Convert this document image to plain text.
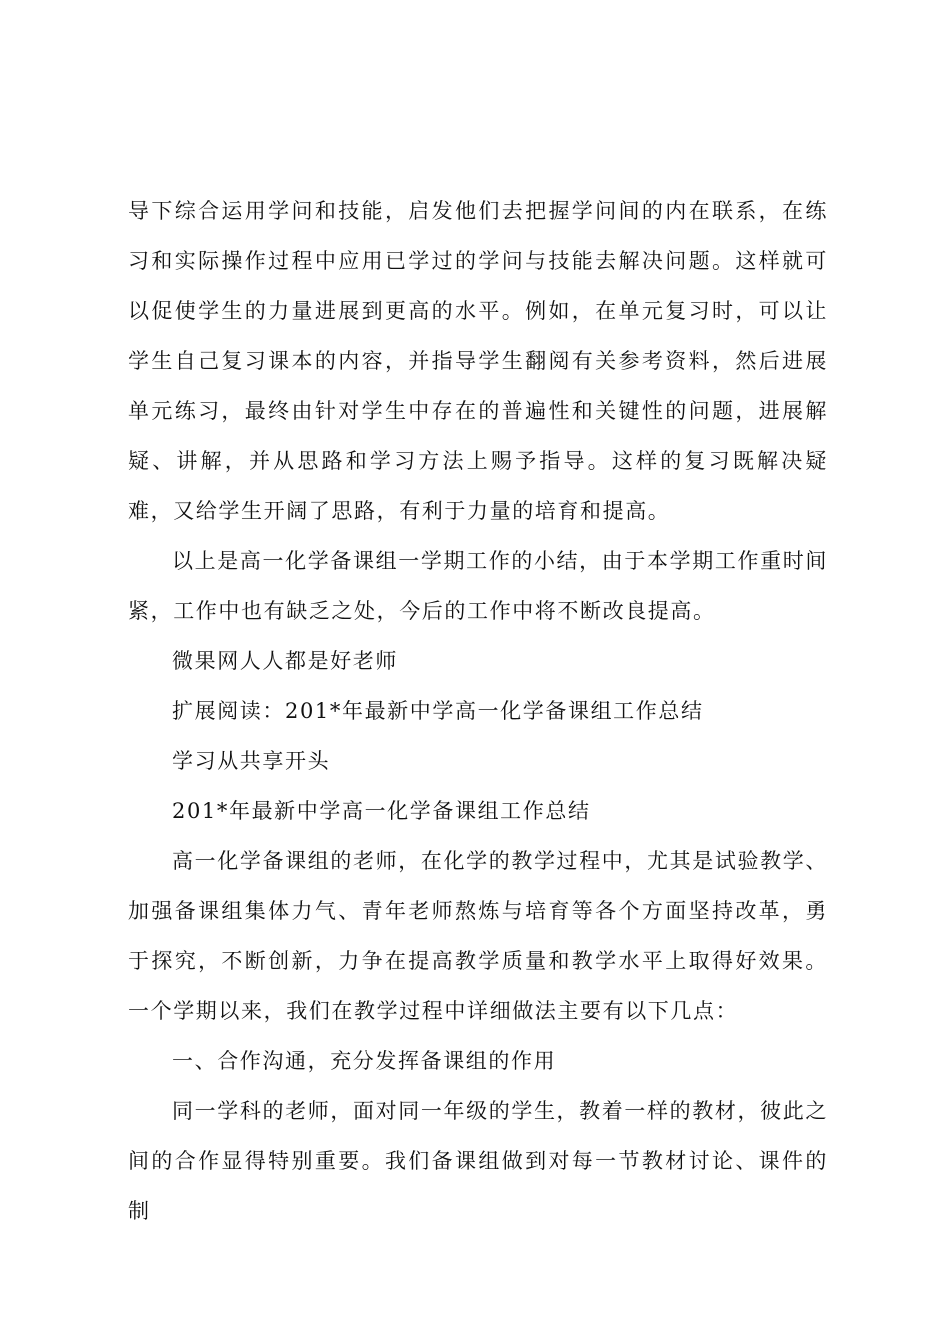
导下综合运用学问和技能，启发他们去把握学问间的内在联系，在练习和实际操作过程中应用已学过的学问与技能去解决问题。这样就可以促使学生的力量进展到更高的水平。例如，在单元复习时，可以让学生自己复习课本的内容，并指导学生翻阅有关参考资料，然后进展单元练习，最终由针对学生中存在的普遍性和关键性的问题，进展解疑、讲解，并从思路和学习方法上赐予指导。这样的复习既解决疑难，又给学生开阔了思路，有利于力量的培育和提高。

以上是高一化学备课组一学期工作的小结，由于本学期工作重时间紧，工作中也有缺乏之处，今后的工作中将不断改良提高。

微果网人人都是好老师

扩展阅读：201*年最新中学高一化学备课组工作总结

学习从共享开头

201*年最新中学高一化学备课组工作总结

高一化学备课组的老师，在化学的教学过程中，尤其是试验教学、加强备课组集体力气、青年老师熬炼与培育等各个方面坚持改革，勇于探究，不断创新，力争在提高教学质量和教学水平上取得好效果。一个学期以来，我们在教学过程中详细做法主要有以下几点：

一、合作沟通，充分发挥备课组的作用

同一学科的老师，面对同一年级的学生，教着一样的教材，彼此之间的合作显得特别重要。我们备课组做到对每一节教材讨论、课件的制
